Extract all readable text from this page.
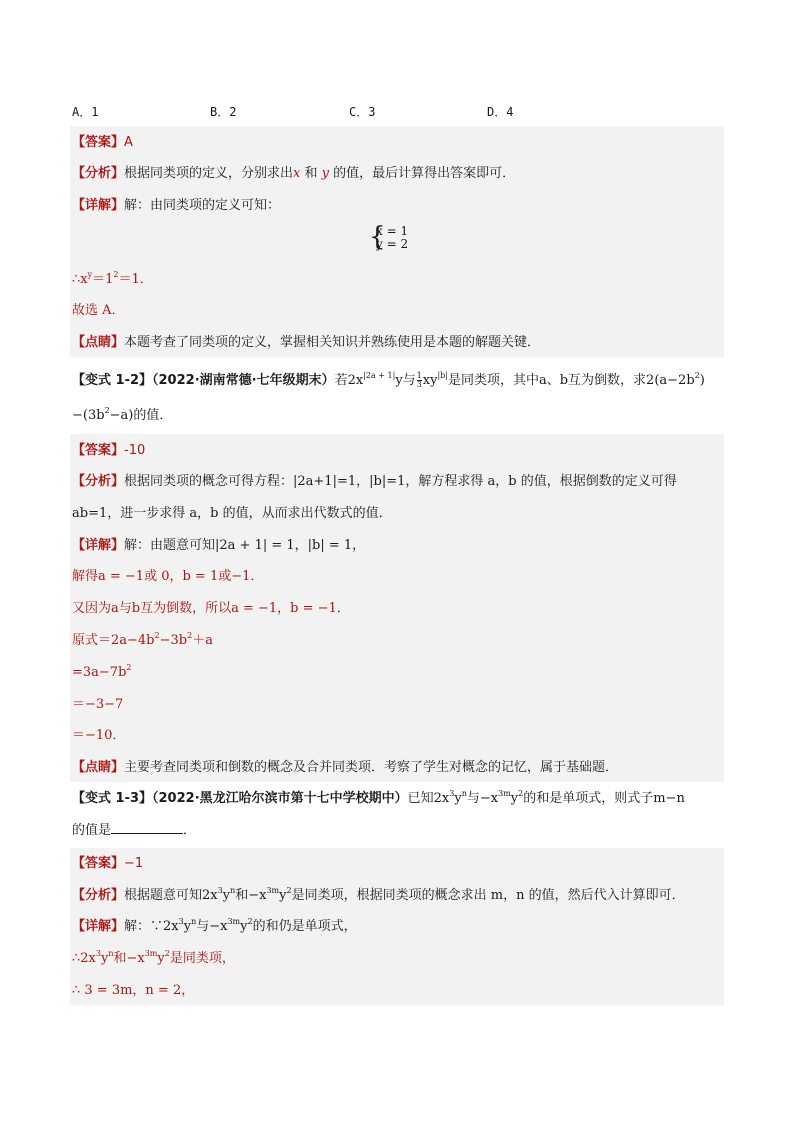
A．1	B．2	C．3	D．4
【答案】A
【分析】根据同类项的定义，分别求出x 和 y 的值，最后计算得出答案即可．
【详解】解：由同类项的定义可知：
{
x = 1
y = 2
$\therefore x^y=1^2=1$．
故选 A．
【点睛】本题考查了同类项的定义，掌握相关知识并熟练使用是本题的解题关键．
【变式 1-2】（2022·湖南常德·七年级期末）若$2x^{|2a + 1|}y$与 $\frac{1}{3} xy^{|b|}$是同类项，其中a、b互为倒数，求$2(a-2b^2)$
$-(3b^2-a)$的值．
【答案】-10
【分析】根据同类项的概念可得方程：|2a+1|=1，|b|=1，解方程求得 a，b 的值，根据倒数的定义可得
ab=1，进一步求得 a，b 的值，从而求出代数式的值．
【详解】解：由题意可知|2a + 1| = 1，|b| = 1，
解得a = −1或 0，b = 1或−1．
又因为a与b互为倒数，所以a = −1，b = −1．
原式$=2a-4b^2-3b^2+a$
$=3a-7b^2$
＝−3−7
＝−10．
【点睛】主要考查同类项和倒数的概念及合并同类项．考察了学生对概念的记忆，属于基础题．
【变式 1-3】（2022·黑龙江哈尔滨市第十七中学校期中）已知$2x^3y^n$与$-x^{3m}y^2$的和是单项式，则式子m−n
的值是	．
【答案】−1
【分析】根据题意可知$2x^3y^n$和$-x^{3m}y^2$是同类项，根据同类项的概念求出 m，n 的值，然后代入计算即可．
【详解】解：$\because 2x^3y^n$与$-x^{3m}y^2$的和仍是单项式，
$\therefore 2x^3y^n$和$-x^{3m}y^2$是同类项，
∴ 3 = 3m，n = 2，
